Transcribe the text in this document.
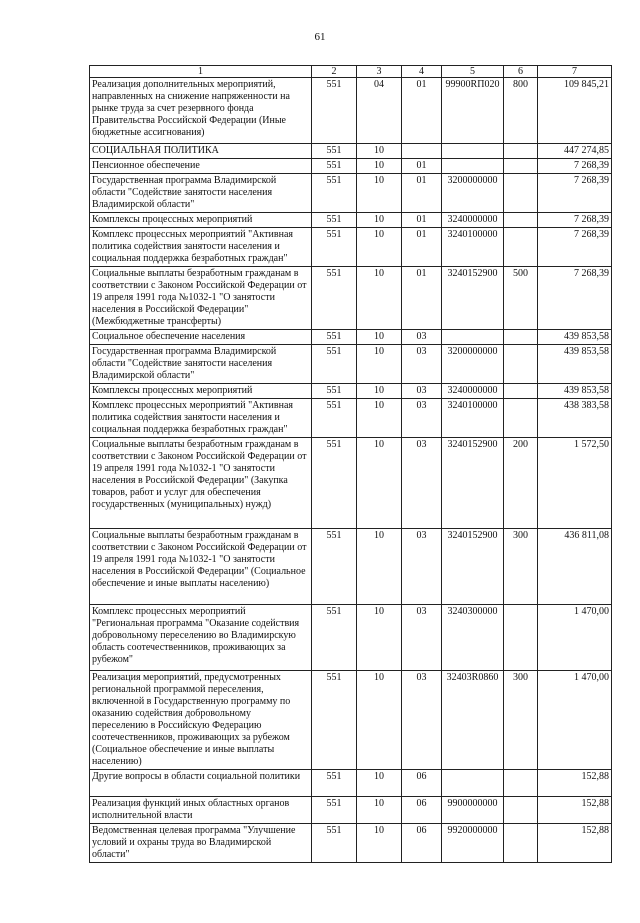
61
1	2	3	4	5	6	7
Реализация дополнительных мероприятий, направленных на снижение напряженности на рынке труда за счет резервного фонда Правительства Российской Федерации (Иные бюджетные ассигнования)	551	04	01	99900RП020	800	109 845,21
СОЦИАЛЬНАЯ ПОЛИТИКА	551	10				447 274,85
Пенсионное обеспечение	551	10	01			7 268,39
Государственная программа Владимирской области "Содействие занятости населения Владимирской области"	551	10	01	3200000000		7 268,39
Комплексы процессных мероприятий	551	10	01	3240000000		7 268,39
Комплекс процессных мероприятий "Активная политика содействия занятости населения и социальная поддержка безработных граждан"	551	10	01	3240100000		7 268,39
Социальные выплаты безработным гражданам в соответствии с Законом Российской Федерации от 19 апреля 1991 года №1032-1 "О занятости населения в Российской Федерации" (Межбюджетные трансферты)	551	10	01	3240152900	500	7 268,39
Социальное обеспечение населения	551	10	03			439 853,58
Государственная программа Владимирской области "Содействие занятости населения Владимирской области"	551	10	03	3200000000		439 853,58
Комплексы процессных мероприятий	551	10	03	3240000000		439 853,58
Комплекс процессных мероприятий "Активная политика содействия занятости населения и социальная поддержка безработных граждан"	551	10	03	3240100000		438 383,58
Социальные выплаты безработным гражданам в соответствии с Законом Российской Федерации от 19 апреля 1991 года №1032-1 "О занятости населения в Российской Федерации" (Закупка товаров, работ и услуг для обеспечения государственных (муниципальных) нужд)	551	10	03	3240152900	200	1 572,50
Социальные выплаты безработным гражданам в соответствии с Законом Российской Федерации от 19 апреля 1991 года №1032-1 "О занятости населения в Российской Федерации" (Социальное обеспечение и иные выплаты населению)	551	10	03	3240152900	300	436 811,08
Комплекс процессных мероприятий "Региональная программа "Оказание содействия добровольному переселению во Владимирскую область соотечественников, проживающих за рубежом"	551	10	03	3240300000		1 470,00
Реализация мероприятий, предусмотренных региональной программой переселения, включенной в Государственную программу по оказанию содействия добровольному переселению в Российскую Федерацию соотечественников, проживающих за рубежом (Социальное обеспечение и иные выплаты населению)	551	10	03	32403R0860	300	1 470,00
Другие вопросы в области социальной политики	551	10	06			152,88
Реализация функций иных областных органов исполнительной власти	551	10	06	9900000000		152,88
Ведомственная целевая программа "Улучшение условий и охраны труда во Владимирской области"	551	10	06	9920000000		152,88
